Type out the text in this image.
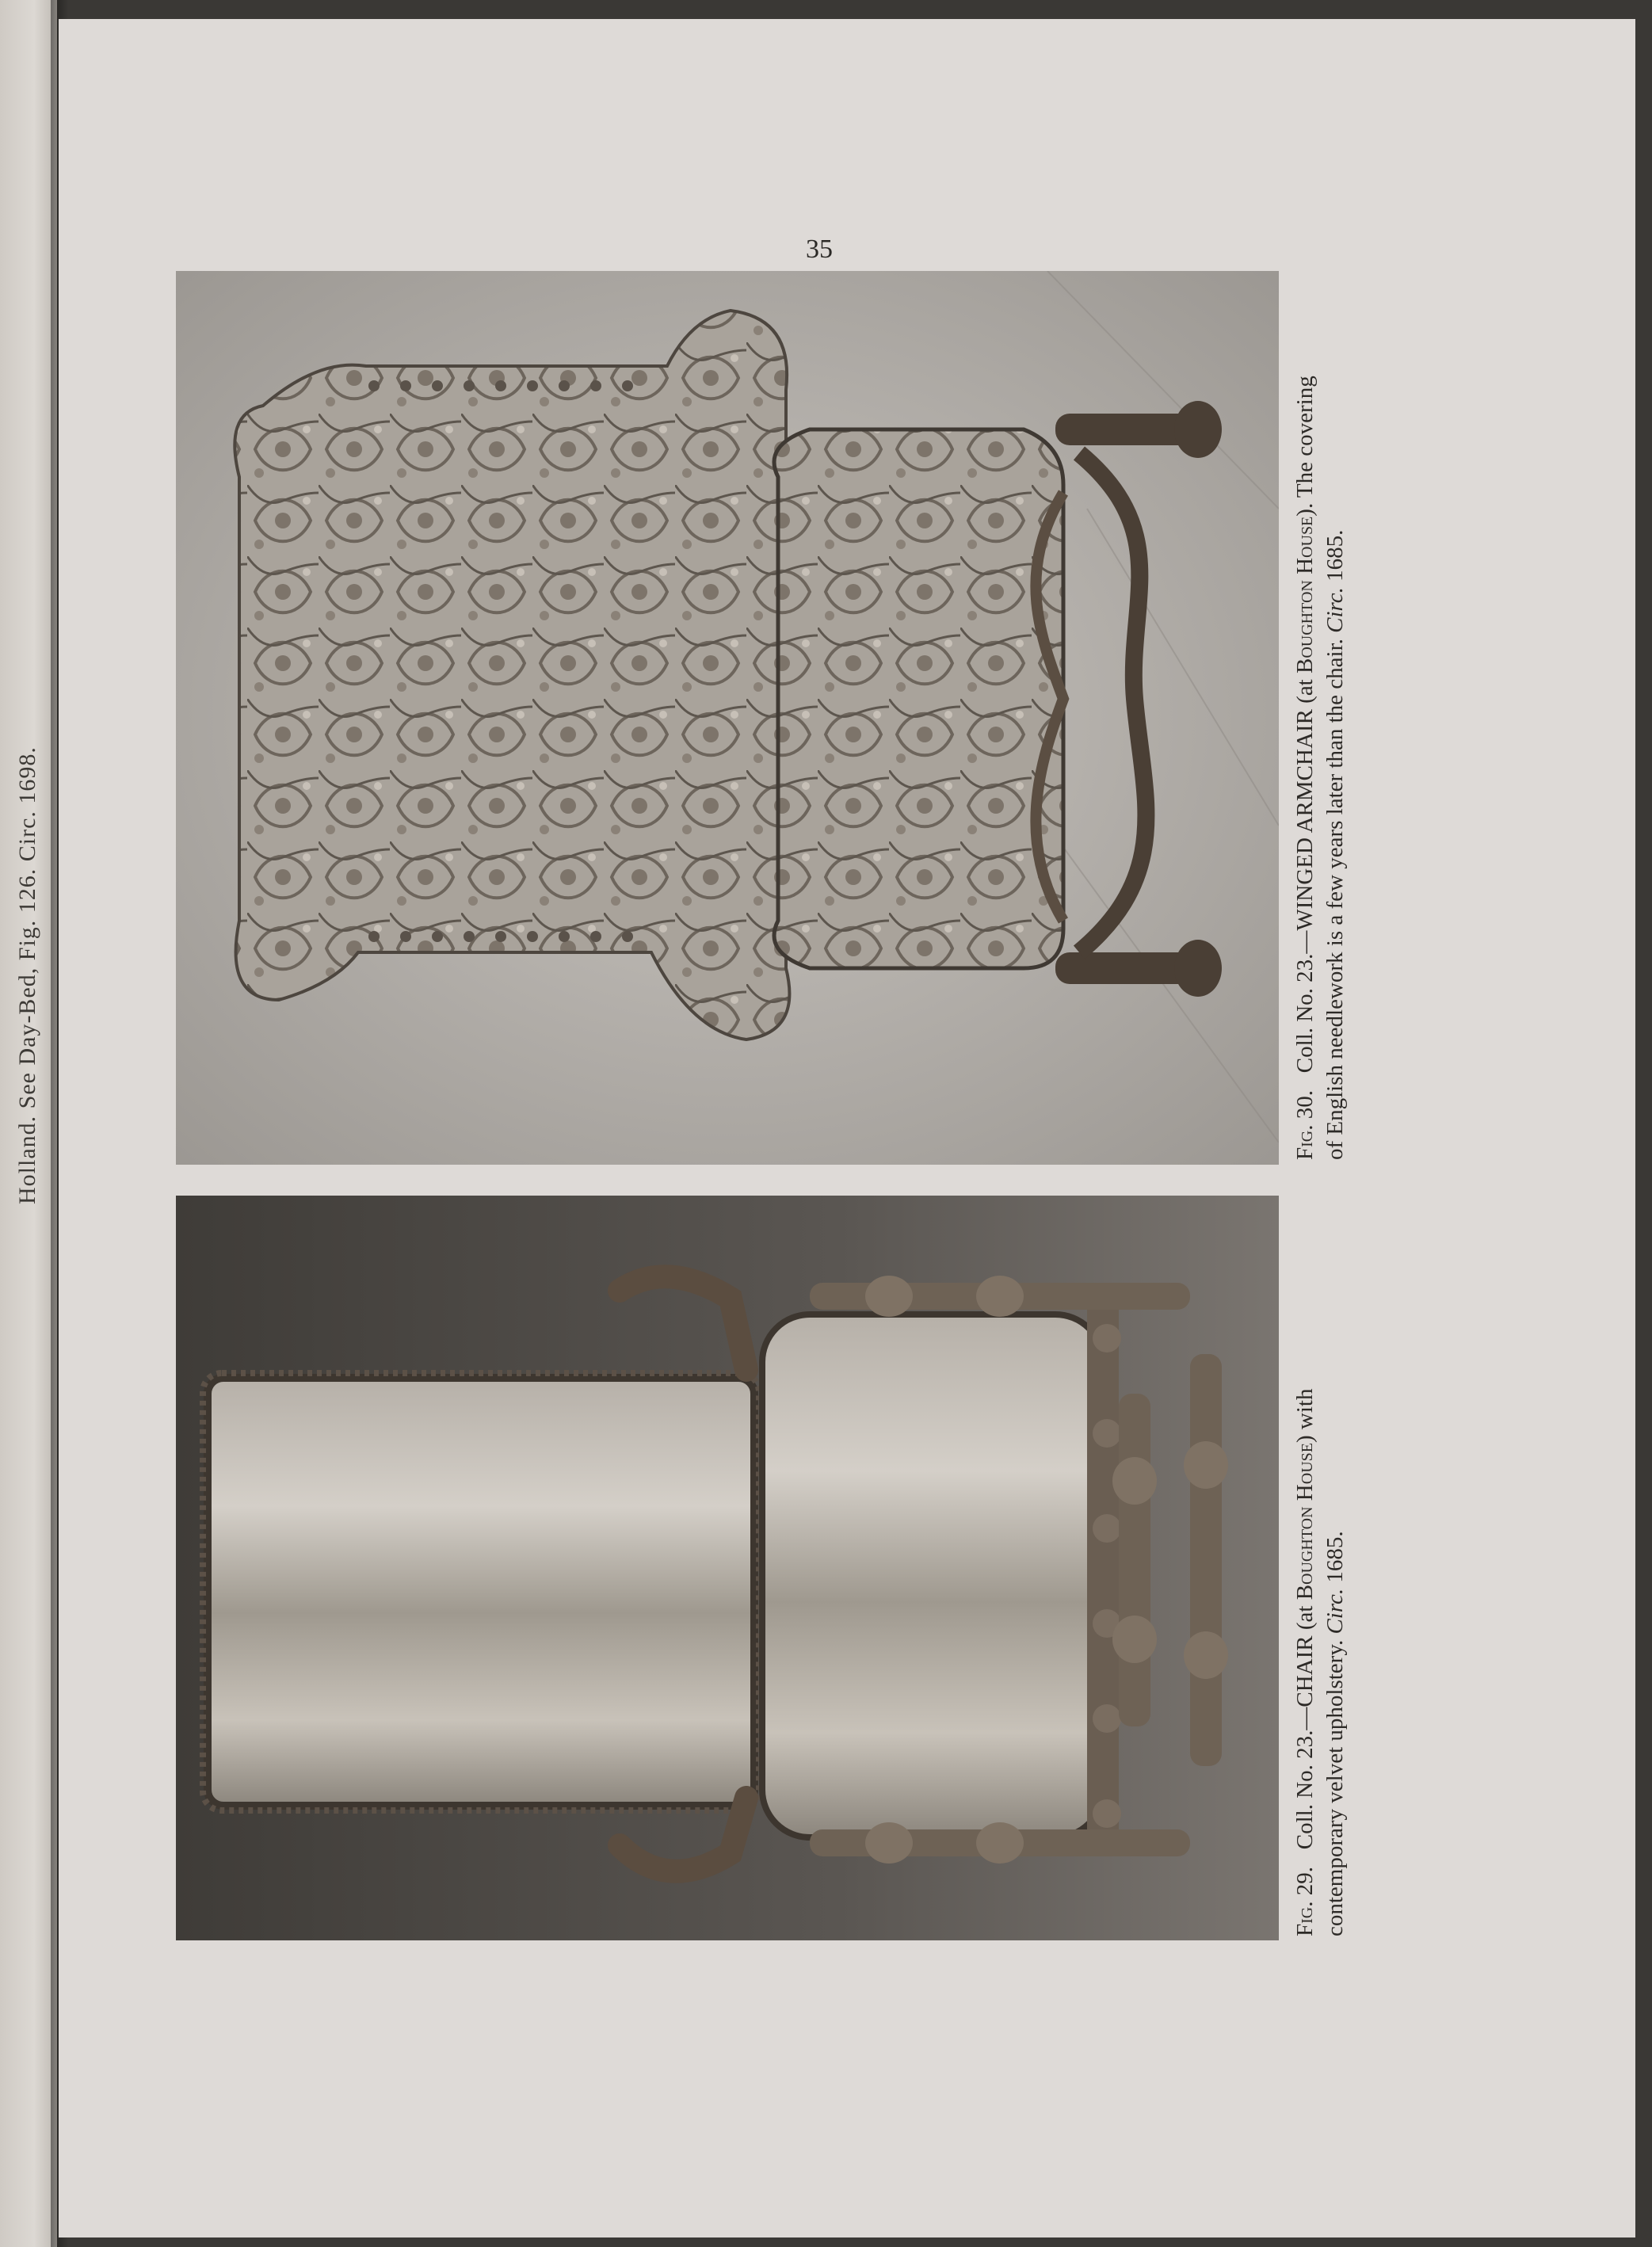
Holland. See Day-Bed, Fig. 126. Circ. 1698.
35
Fig. 30.   Coll. No. 23.—WINGED ARMCHAIR (at Boughton House). The covering
of English needlework is a few years later than the chair. Circ. 1685.
Fig. 29.   Coll. No. 23.—CHAIR (at Boughton House) with
contemporary velvet upholstery. Circ. 1685.
